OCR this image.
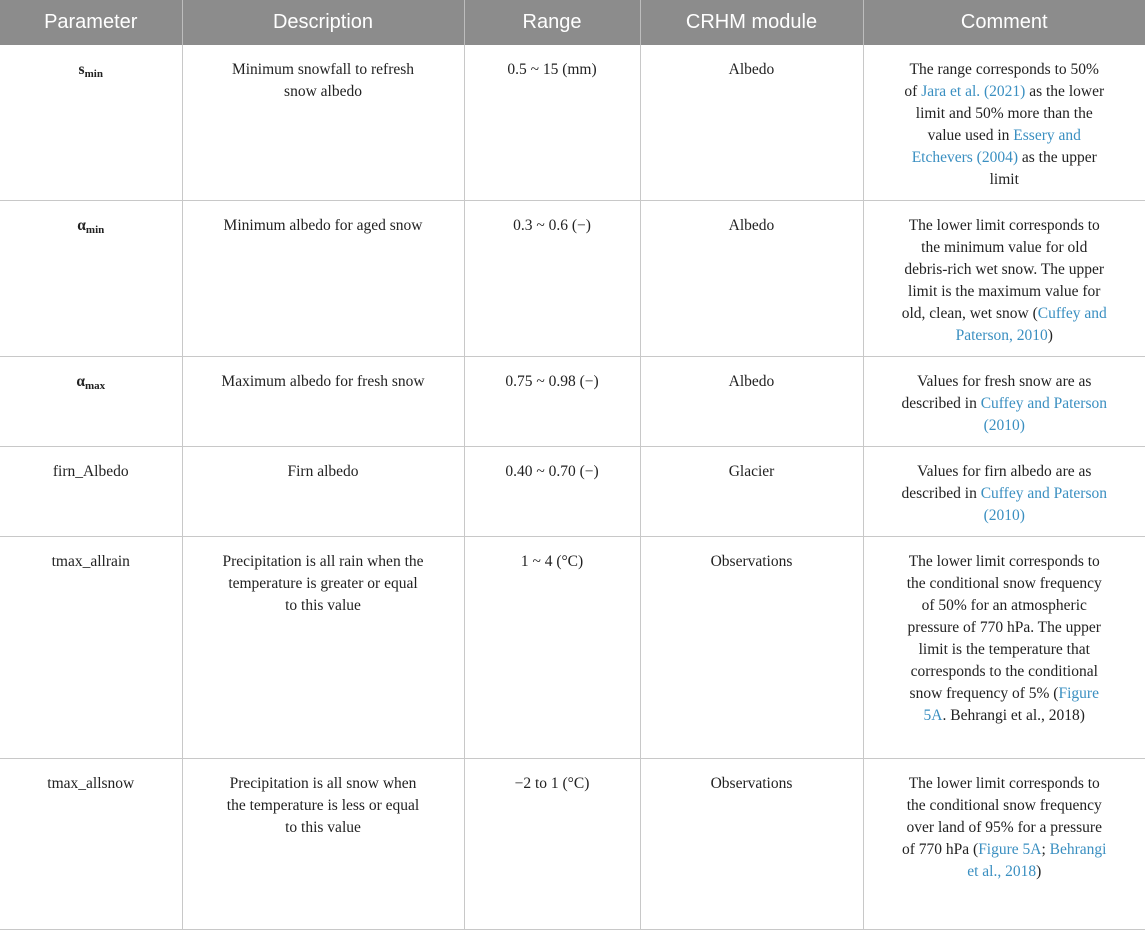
Parameter	Description	Range	CRHM module	Comment
$s_{min}$	Minimum snowfall to refresh snow albedo	0.5 ~ 15 (mm)	Albedo	The range corresponds to 50% of Jara et al. (2021) as the lower limit and 50% more than the value used in Essery and Etchevers (2004) as the upper limit
$\alpha_{min}$	Minimum albedo for aged snow	0.3 ~ 0.6 (−)	Albedo	The lower limit corresponds to the minimum value for old debris-rich wet snow. The upper limit is the maximum value for old, clean, wet snow (Cuffey and Paterson, 2010)
$\alpha_{max}$	Maximum albedo for fresh snow	0.75 ~ 0.98 (−)	Albedo	Values for fresh snow are as described in Cuffey and Paterson (2010)
firn_Albedo	Firn albedo	0.40 ~ 0.70 (−)	Glacier	Values for firn albedo are as described in Cuffey and Paterson (2010)
tmax_allrain	Precipitation is all rain when the temperature is greater or equal to this value	1 ~ 4 (°C)	Observations	The lower limit corresponds to the conditional snow frequency of 50% for an atmospheric pressure of 770 hPa. The upper limit is the temperature that corresponds to the conditional snow frequency of 5% (Figure 5A. Behrangi et al., 2018)
tmax_allsnow	Precipitation is all snow when the temperature is less or equal to this value	−2 to 1 (°C)	Observations	The lower limit corresponds to the conditional snow frequency over land of 95% for a pressure of 770 hPa (Figure 5A; Behrangi et al., 2018)
